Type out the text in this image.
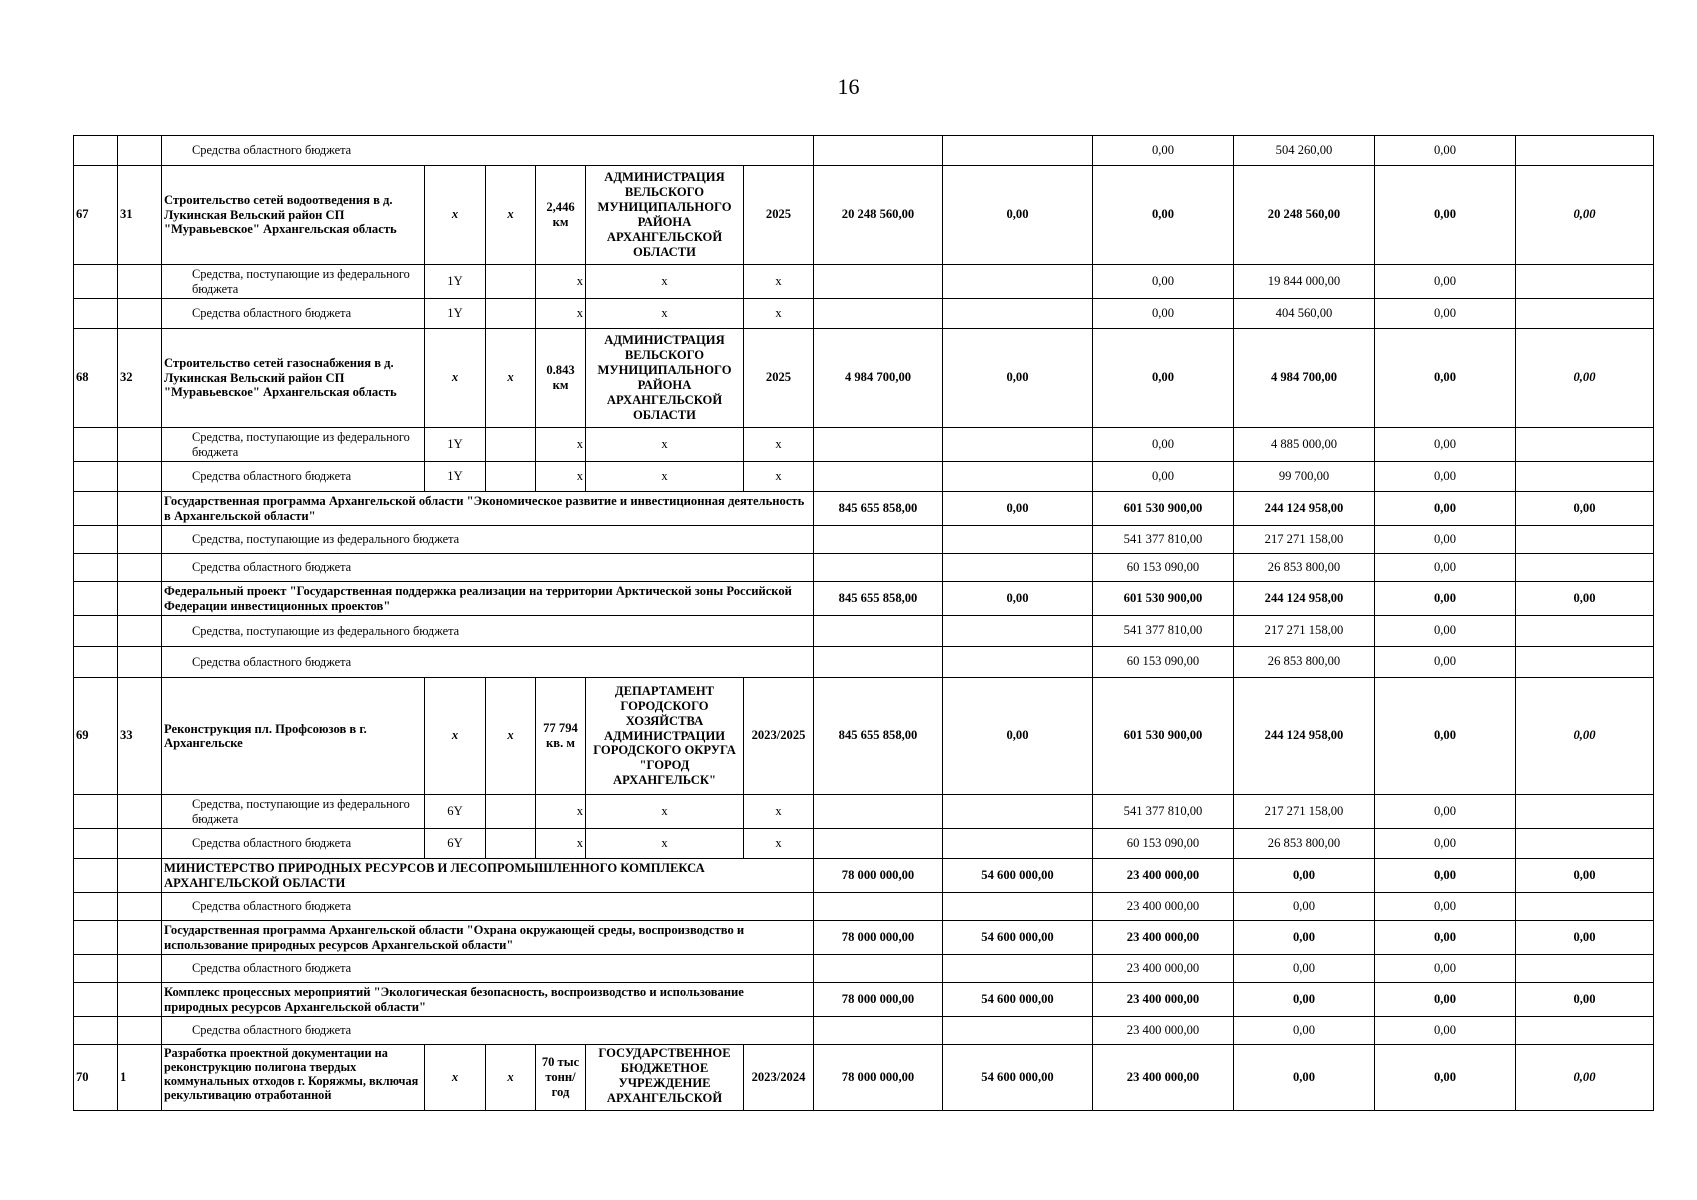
16
		Средства областного бюджета								0,00	504 260,00	0,00	
67	31	Строительство сетей водоотведения в д. Лукинская Вельский район СП "Муравьевское" Архангельская область	х	х	2,446 км	АДМИНИСТРАЦИЯ ВЕЛЬСКОГО МУНИЦИПАЛЬНОГО РАЙОНА АРХАНГЕЛЬСКОЙ ОБЛАСТИ	2025	20 248 560,00	0,00	0,00	20 248 560,00	0,00	0,00
		Средства, поступающие из федерального бюджета	1Y		х	х	х			0,00	19 844 000,00	0,00	
		Средства областного бюджета	1Y		х	х	х			0,00	404 560,00	0,00	
68	32	Строительство сетей газоснабжения в д. Лукинская Вельский район СП "Муравьевское" Архангельская область	х	х	0.843 км	АДМИНИСТРАЦИЯ ВЕЛЬСКОГО МУНИЦИПАЛЬНОГО РАЙОНА АРХАНГЕЛЬСКОЙ ОБЛАСТИ	2025	4 984 700,00	0,00	0,00	4 984 700,00	0,00	0,00
		Средства, поступающие из федерального бюджета	1Y		х	х	х			0,00	4 885 000,00	0,00	
		Средства областного бюджета	1Y		х	х	х			0,00	99 700,00	0,00	
		Государственная программа Архангельской области "Экономическое развитие и инвестиционная деятельность в Архангельской области"						845 655 858,00	0,00	601 530 900,00	244 124 958,00	0,00	0,00
		Средства, поступающие из федерального бюджета								541 377 810,00	217 271 158,00	0,00	
		Средства областного бюджета								60 153 090,00	26 853 800,00	0,00	
		Федеральный проект "Государственная поддержка реализации на территории Арктической зоны Российской Федерации инвестиционных проектов"						845 655 858,00	0,00	601 530 900,00	244 124 958,00	0,00	0,00
		Средства, поступающие из федерального бюджета								541 377 810,00	217 271 158,00	0,00	
		Средства областного бюджета								60 153 090,00	26 853 800,00	0,00	
69	33	Реконструкция пл. Профсоюзов в г. Архангельске	х	х	77 794 кв. м	ДЕПАРТАМЕНТ ГОРОДСКОГО ХОЗЯЙСТВА АДМИНИСТРАЦИИ ГОРОДСКОГО ОКРУГА "ГОРОД АРХАНГЕЛЬСК"	2023/2025	845 655 858,00	0,00	601 530 900,00	244 124 958,00	0,00	0,00
		Средства, поступающие из федерального бюджета	6Y		х	х	х			541 377 810,00	217 271 158,00	0,00	
		Средства областного бюджета	6Y		х	х	х			60 153 090,00	26 853 800,00	0,00	
		МИНИСТЕРСТВО ПРИРОДНЫХ РЕСУРСОВ И ЛЕСОПРОМЫШЛЕННОГО КОМПЛЕКСА АРХАНГЕЛЬСКОЙ ОБЛАСТИ						78 000 000,00	54 600 000,00	23 400 000,00	0,00	0,00	0,00
		Средства областного бюджета								23 400 000,00	0,00	0,00	
		Государственная программа Архангельской области "Охрана окружающей среды, воспроизводство и использование природных ресурсов Архангельской области"						78 000 000,00	54 600 000,00	23 400 000,00	0,00	0,00	0,00
		Средства областного бюджета								23 400 000,00	0,00	0,00	
		Комплекс процессных мероприятий "Экологическая безопасность, воспроизводство и использование природных ресурсов Архангельской области"						78 000 000,00	54 600 000,00	23 400 000,00	0,00	0,00	0,00
		Средства областного бюджета								23 400 000,00	0,00	0,00	
70	1	Разработка проектной документации на реконструкцию полигона твердых коммунальных отходов г. Коряжмы, включая рекультивацию отработанной	х	х	70 тыс тонн/год	ГОСУДАРСТВЕННОЕ БЮДЖЕТНОЕ УЧРЕЖДЕНИЕ АРХАНГЕЛЬСКОЙ	2023/2024	78 000 000,00	54 600 000,00	23 400 000,00	0,00	0,00	0,00
